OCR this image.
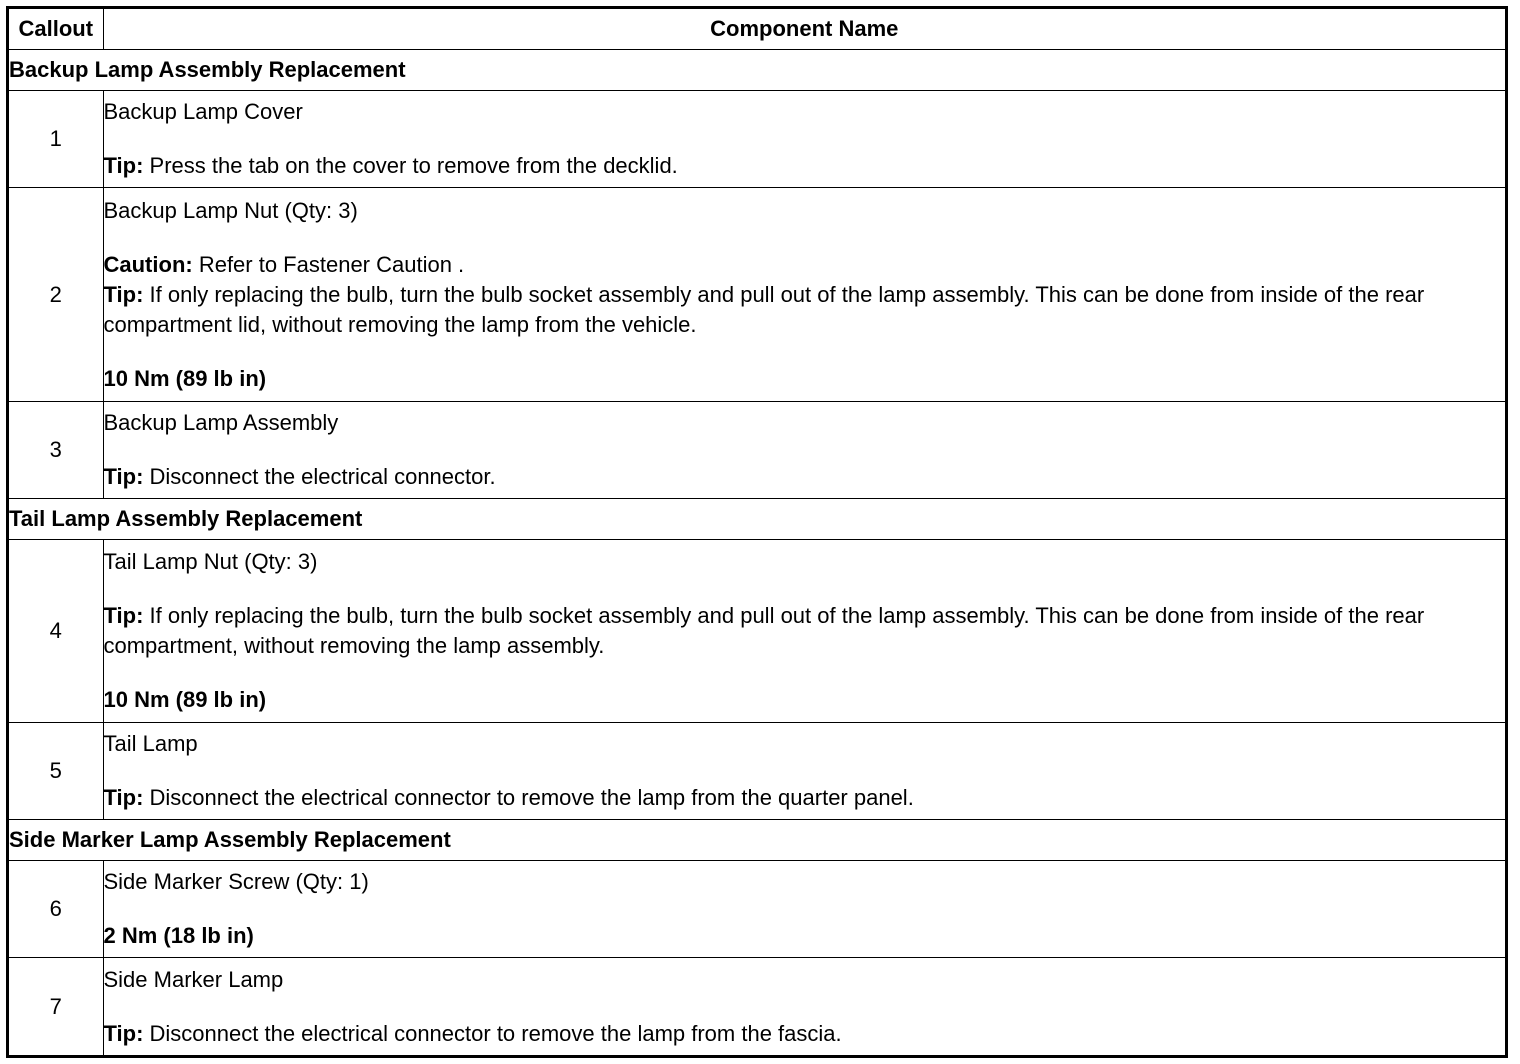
Callout	Component Name
Backup Lamp Assembly Replacement	
1	Backup Lamp Cover
Tip: Press the tab on the cover to remove from the decklid.

2	Backup Lamp Nut (Qty: 3)
Caution: Refer to Fastener Caution .
Tip: If only replacing the bulb, turn the bulb socket assembly and pull out of the lamp assembly. This can be done from inside of the rear compartment lid, without removing the lamp from the vehicle.
10 Nm (89 lb in)

3	Backup Lamp Assembly
Tip: Disconnect the electrical connector.

Tail Lamp Assembly Replacement	
4	Tail Lamp Nut (Qty: 3)
Tip: If only replacing the bulb, turn the bulb socket assembly and pull out of the lamp assembly. This can be done from inside of the rear compartment, without removing the lamp assembly.
10 Nm (89 lb in)

5	Tail Lamp
Tip: Disconnect the electrical connector to remove the lamp from the quarter panel.

Side Marker Lamp Assembly Replacement	
6	Side Marker Screw (Qty: 1)
2 Nm (18 lb in)

7	Side Marker Lamp
Tip: Disconnect the electrical connector to remove the lamp from the fascia.
